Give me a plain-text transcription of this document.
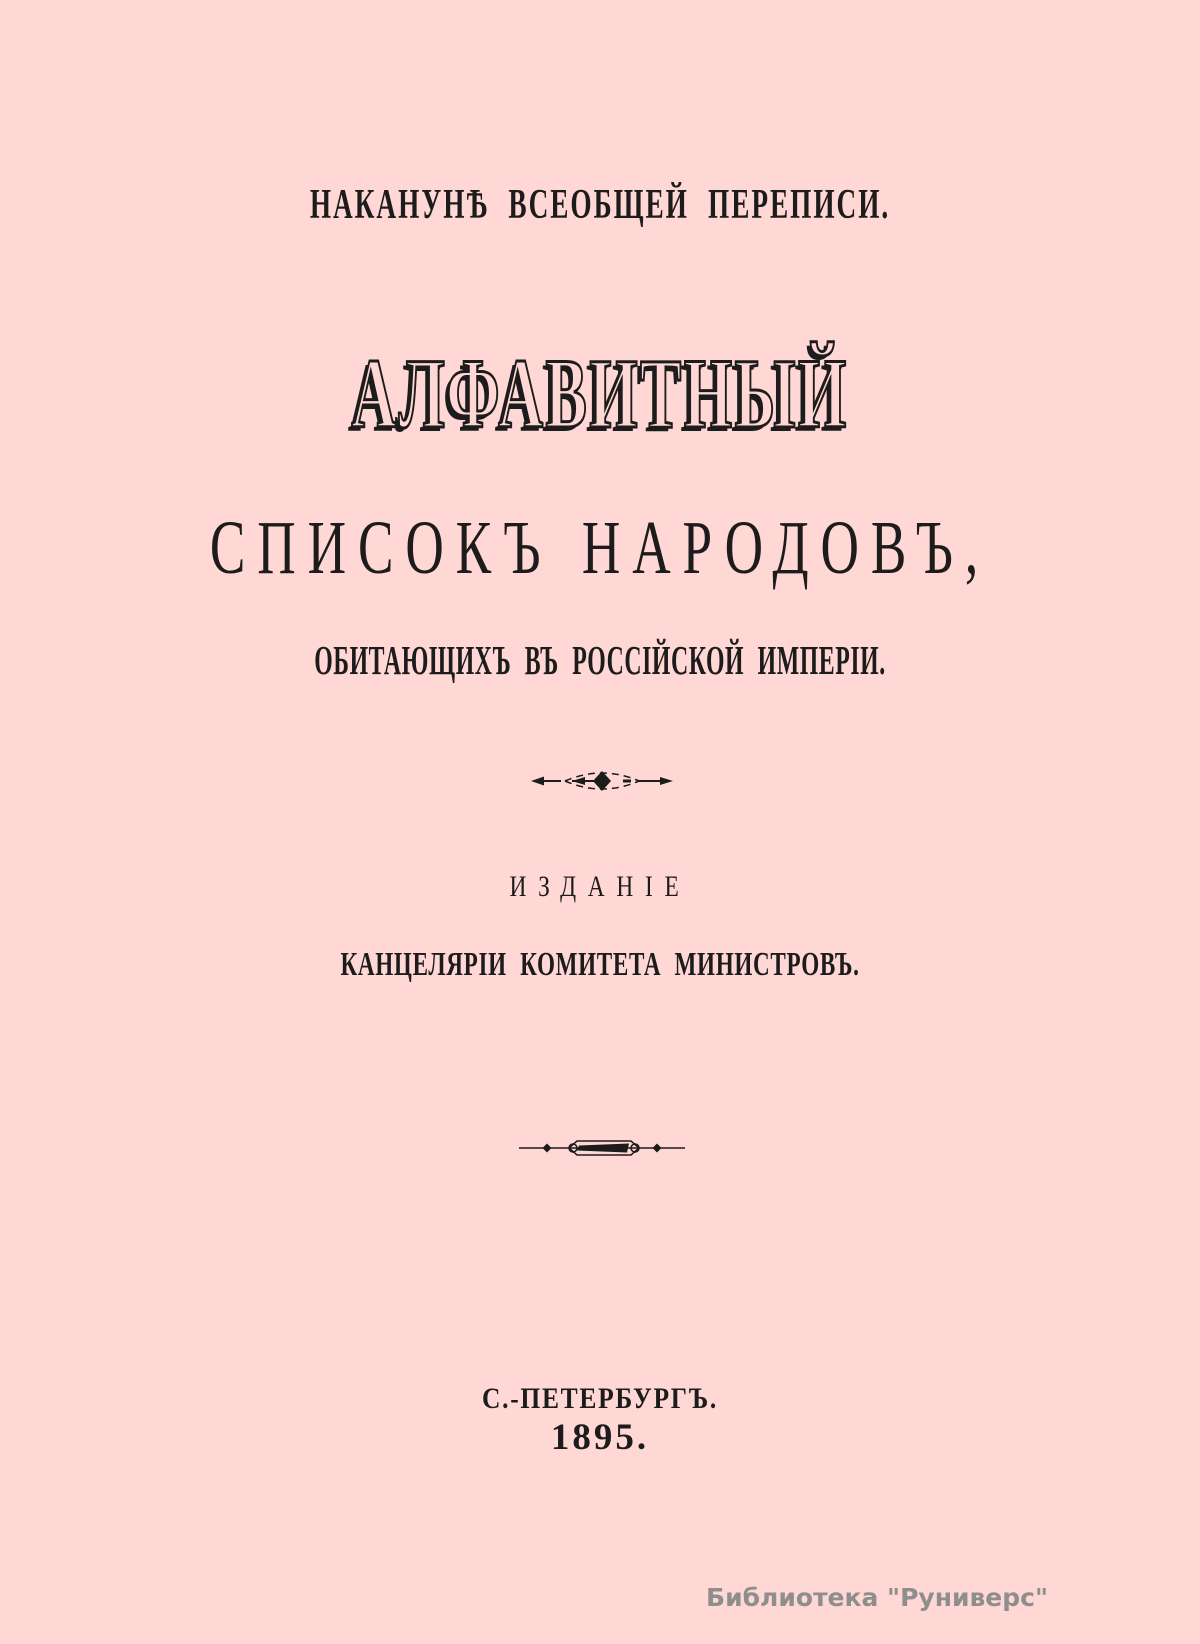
НАКАНУНѢ ВСЕОБЩЕЙ ПЕРЕПИСИ.
АЛФАВИТНЫЙ
СПИСОКЪ НАРОДОВЪ,
ОБИТАЮЩИХЪ ВЪ РОССІЙСКОЙ ИМПЕРІИ.
ИЗДАНІЕ
КАНЦЕЛЯРІИ КОМИТЕТА МИНИСТРОВЪ.
С.-ПЕТЕРБУРГЪ.
1895.
Библиотека "Руниверс"
